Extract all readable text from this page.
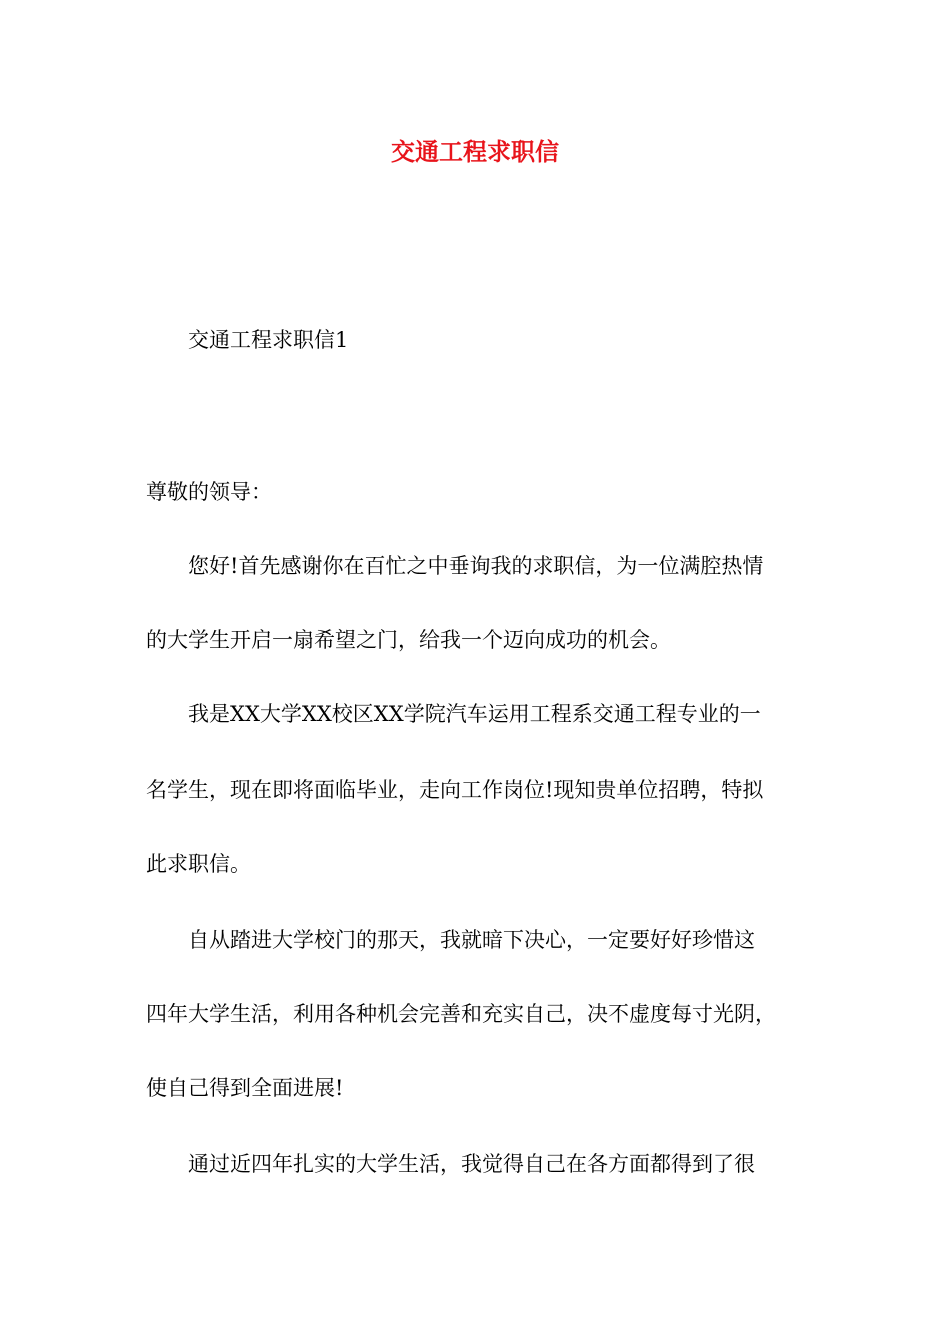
交通工程求职信
交通工程求职信1
尊敬的领导：
您好!首先感谢你在百忙之中垂询我的求职信，为一位满腔热情
的大学生开启一扇希望之门，给我一个迈向成功的机会。
我是XX大学XX校区XX学院汽车运用工程系交通工程专业的一
名学生，现在即将面临毕业，走向工作岗位!现知贵单位招聘，特拟
此求职信。
自从踏进大学校门的那天，我就暗下决心，一定要好好珍惜这
四年大学生活，利用各种机会完善和充实自己，决不虚度每寸光阴，
使自己得到全面进展!
通过近四年扎实的大学生活，我觉得自己在各方面都得到了很
